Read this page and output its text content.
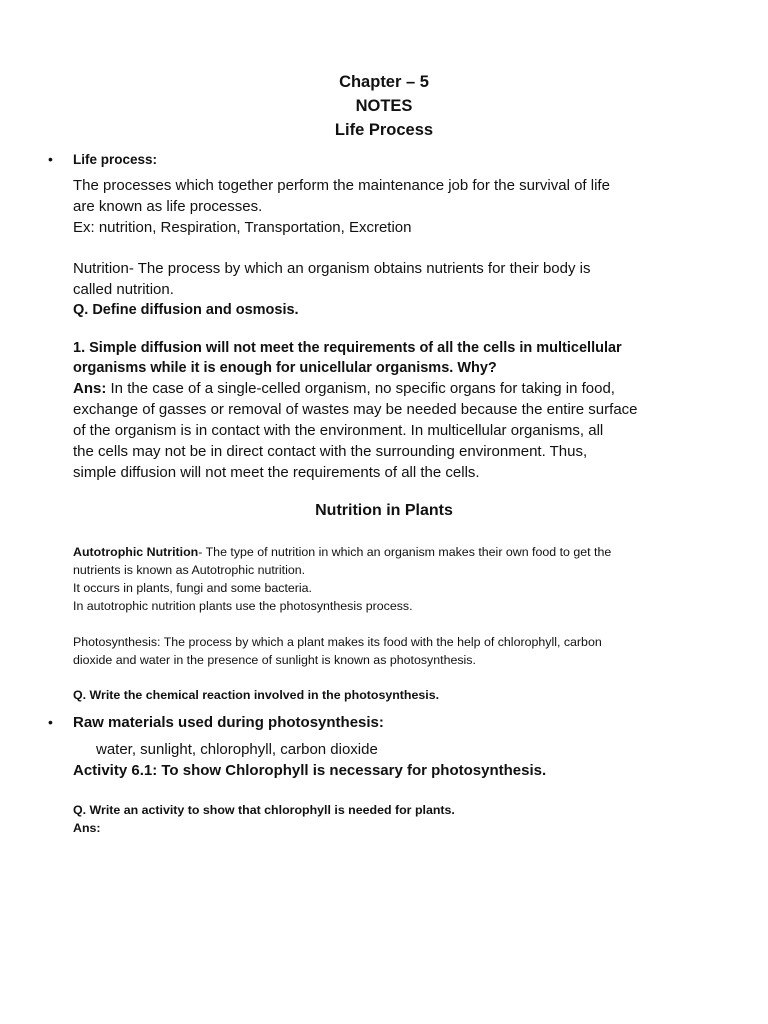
Chapter – 5
NOTES
Life Process
• Life process:
The processes which together perform the maintenance job for the survival of life
are known as life processes.
Ex: nutrition, Respiration, Transportation, Excretion
Nutrition- The process by which an organism obtains nutrients for their body is
called nutrition.
Q. Define diffusion and osmosis.
1. Simple diffusion will not meet the requirements of all the cells in multicellular
organisms while it is enough for unicellular organisms. Why?
Ans: In the case of a single-celled organism, no specific organs for taking in food,
exchange of gasses or removal of wastes may be needed because the entire surface
of the organism is in contact with the environment. In multicellular organisms, all
the cells may not be in direct contact with the surrounding environment. Thus,
simple diffusion will not meet the requirements of all the cells.
Nutrition in Plants
Autotrophic Nutrition- The type of nutrition in which an organism makes their own food to get the
nutrients is known as Autotrophic nutrition.
It occurs in plants, fungi and some bacteria.
In autotrophic nutrition plants use the photosynthesis process.
Photosynthesis: The process by which a plant makes its food with the help of chlorophyll, carbon
dioxide and water in the presence of sunlight is known as photosynthesis.
Q. Write the chemical reaction involved in the photosynthesis.
• Raw materials used during photosynthesis:
water, sunlight, chlorophyll, carbon dioxide
Activity 6.1: To show Chlorophyll is necessary for photosynthesis.
Q. Write an activity to show that chlorophyll is needed for plants.
Ans:
